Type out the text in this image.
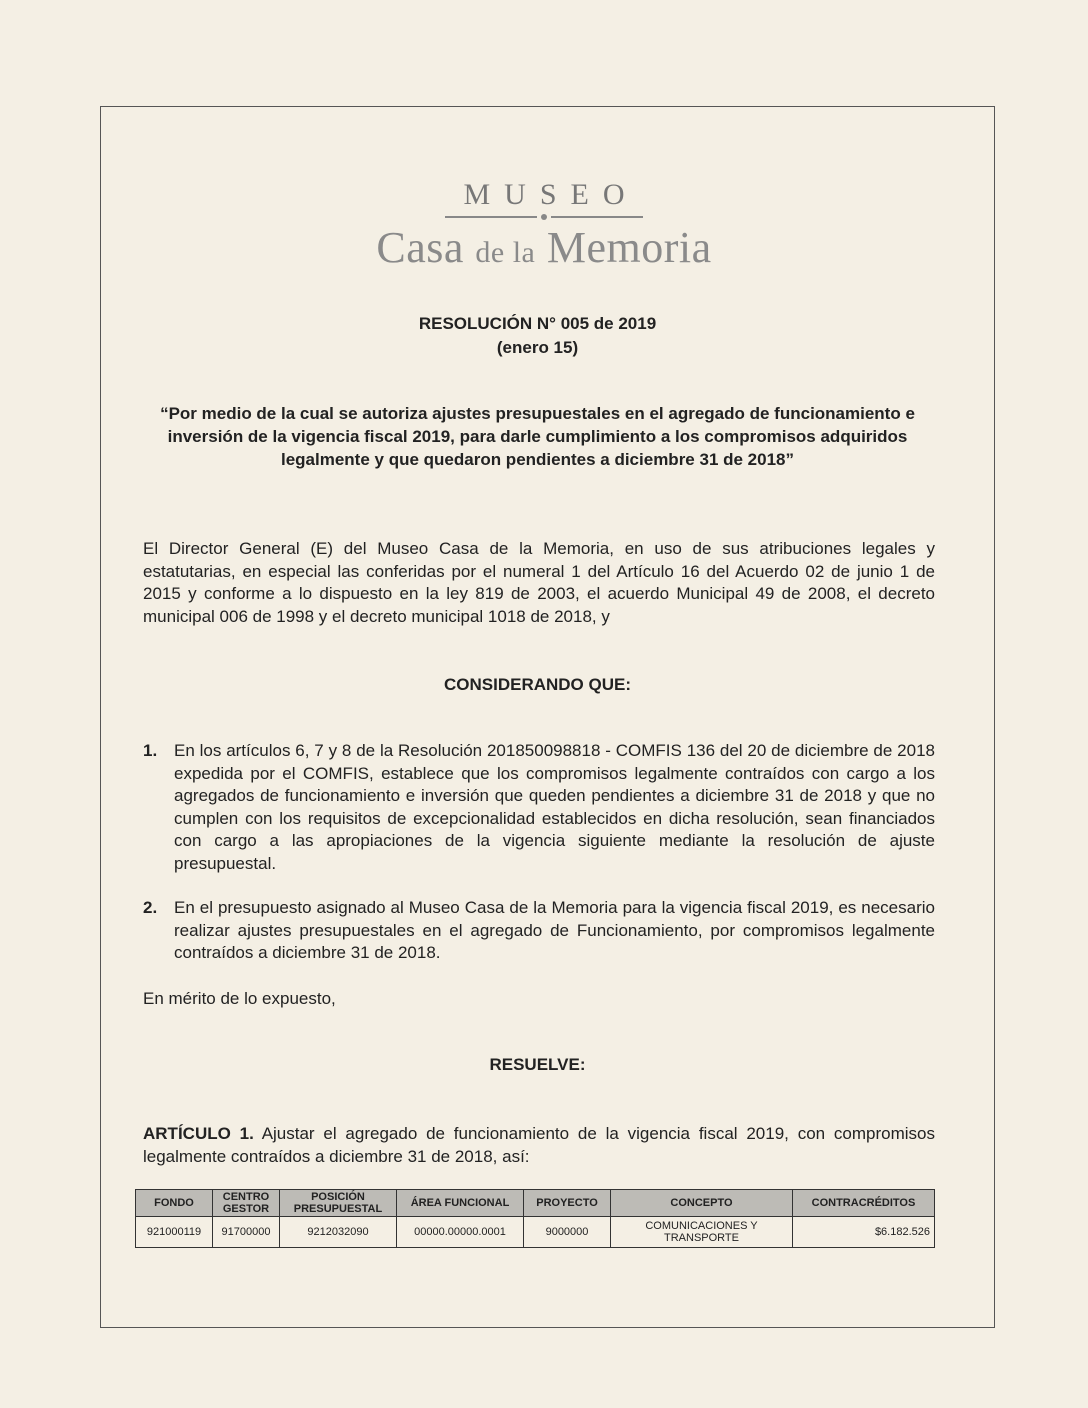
MUSEO
Casa de la Memoria
RESOLUCIÓN N° 005 de 2019
(enero 15)
“Por medio de la cual se autoriza ajustes presupuestales en el agregado de funcionamiento e inversión de la vigencia fiscal 2019, para darle cumplimiento a los compromisos adquiridos legalmente y que quedaron pendientes a diciembre 31 de 2018”
El Director General (E) del Museo Casa de la Memoria, en uso de sus atribuciones legales y estatutarias, en especial las conferidas por el numeral 1 del Artículo 16 del Acuerdo 02 de junio 1 de 2015 y conforme a lo dispuesto en la ley 819 de 2003, el acuerdo Municipal 49 de 2008, el decreto municipal 006 de 1998 y el decreto municipal 1018 de 2018, y
CONSIDERANDO QUE:
1. En los artículos 6, 7 y 8 de la Resolución 201850098818 - COMFIS 136 del 20 de diciembre de 2018 expedida por el COMFIS, establece que los compromisos legalmente contraídos con cargo a los agregados de funcionamiento e inversión que queden pendientes a diciembre 31 de 2018 y que no cumplen con los requisitos de excepcionalidad establecidos en dicha resolución, sean financiados con cargo a las apropiaciones de la vigencia siguiente mediante la resolución de ajuste presupuestal.
2. En el presupuesto asignado al Museo Casa de la Memoria para la vigencia fiscal 2019, es necesario realizar ajustes presupuestales en el agregado de Funcionamiento, por compromisos legalmente contraídos a diciembre 31 de 2018.
En mérito de lo expuesto,
RESUELVE:
ARTÍCULO 1. Ajustar el agregado de funcionamiento de la vigencia fiscal 2019, con compromisos legalmente contraídos a diciembre 31 de 2018, así:
FONDO	CENTRO GESTOR	POSICIÓN PRESUPUESTAL	ÁREA FUNCIONAL	PROYECTO	CONCEPTO	CONTRACRÉDITOS
921000119	91700000	9212032090	00000.00000.0001	9000000	COMUNICACIONES Y TRANSPORTE	$6.182.526
